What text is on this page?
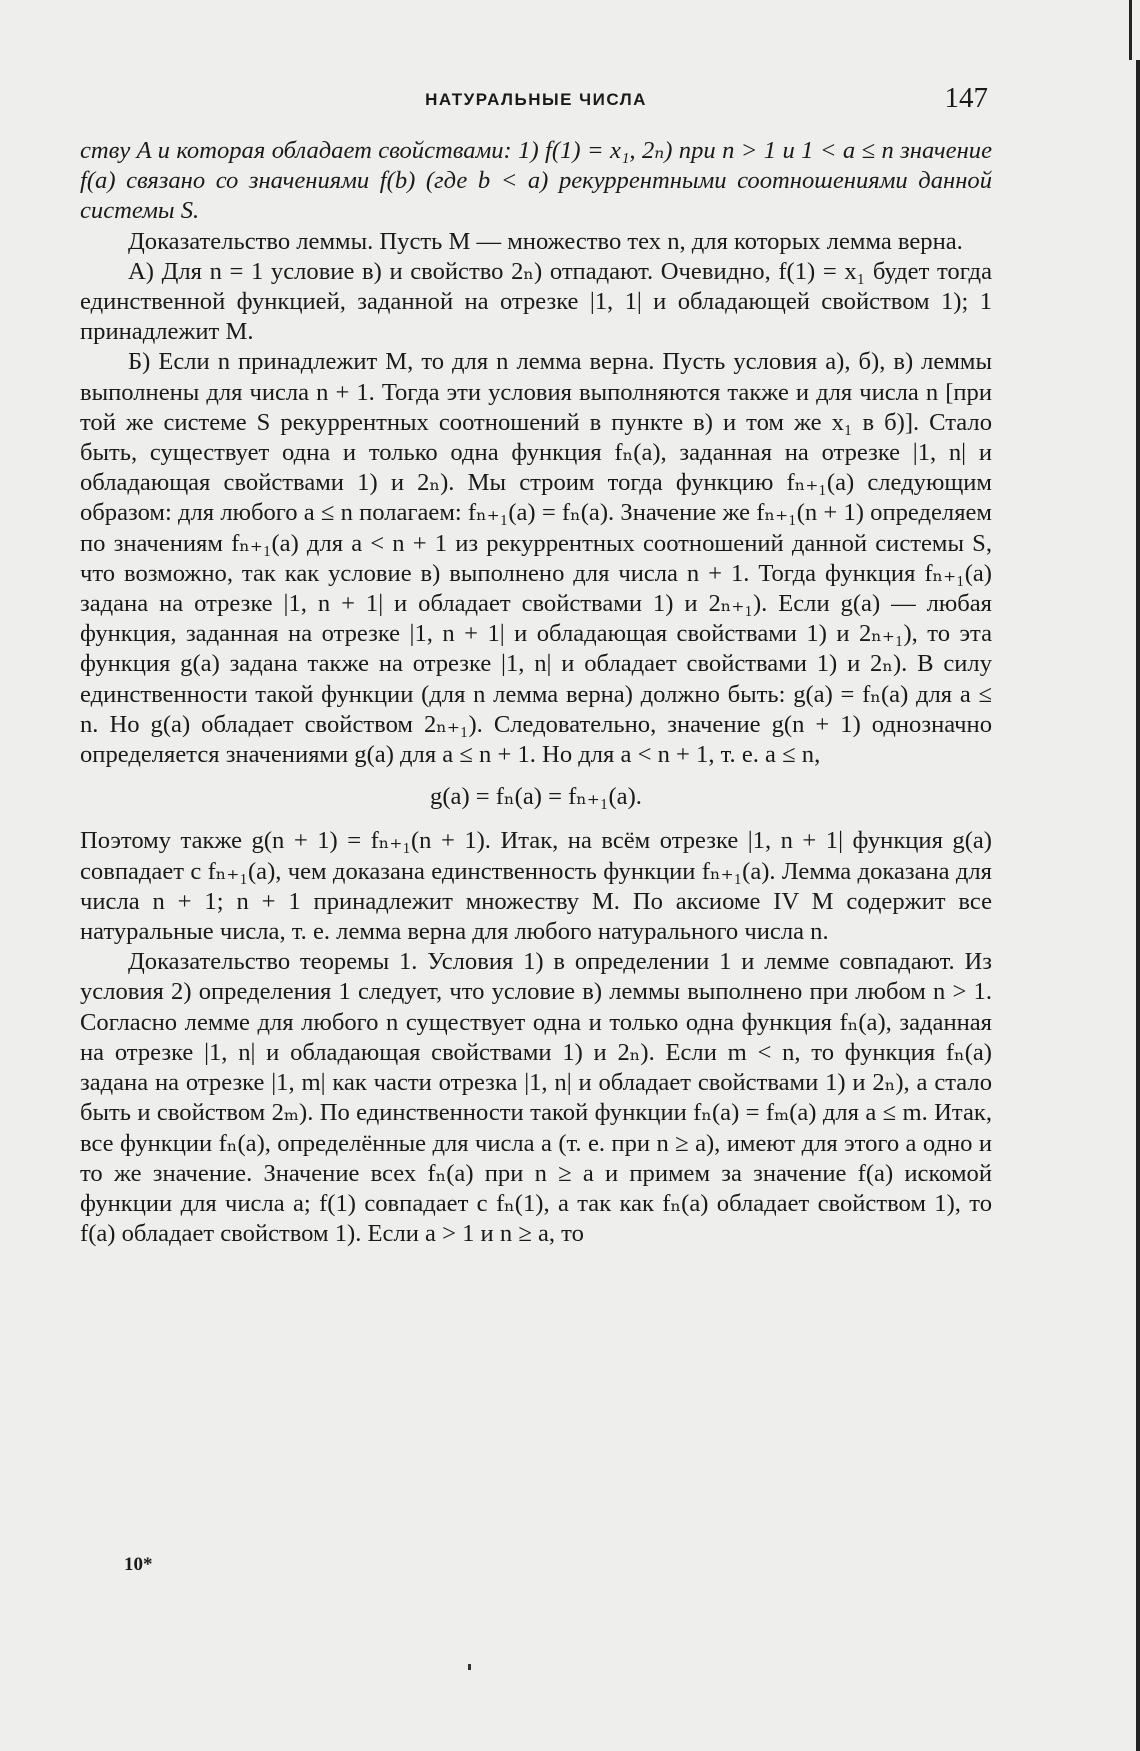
НАТУРАЛЬНЫЕ ЧИСЛА	147

ству A и которая обладает свойствами: 1) f(1) = x₁, 2ₙ) при n > 1 и 1 < a ≤ n значение f(a) связано со значениями f(b) (где b < a) рекуррентными соотношениями данной системы S.

Доказательство леммы. Пусть M — множество тех n, для которых лемма верна.

А) Для n = 1 условие в) и свойство 2ₙ) отпадают. Очевидно, f(1) = x₁ будет тогда единственной функцией, заданной на отрезке |1, 1| и обладающей свойством 1); 1 принадлежит M.

Б) Если n принадлежит M, то для n лемма верна. Пусть условия а), б), в) леммы выполнены для числа n + 1. Тогда эти условия выполняются также и для числа n [при той же системе S рекуррентных соотношений в пункте в) и том же x₁ в б)]. Стало быть, существует одна и только одна функция fₙ(a), заданная на отрезке |1, n| и обладающая свойствами 1) и 2ₙ). Мы строим тогда функцию fₙ₊₁(a) следующим образом: для любого a ≤ n полагаем: fₙ₊₁(a) = fₙ(a). Значение же fₙ₊₁(n + 1) определяем по значениям fₙ₊₁(a) для a < n + 1 из рекуррентных соотношений данной системы S, что возможно, так как условие в) выполнено для числа n + 1. Тогда функция fₙ₊₁(a) задана на отрезке |1, n + 1| и обладает свойствами 1) и 2ₙ₊₁). Если g(a) — любая функция, заданная на отрезке |1, n + 1| и обладающая свойствами 1) и 2ₙ₊₁), то эта функция g(a) задана также на отрезке |1, n| и обладает свойствами 1) и 2ₙ). В силу единственности такой функции (для n лемма верна) должно быть: g(a) = fₙ(a) для a ≤ n. Но g(a) обладает свойством 2ₙ₊₁). Следовательно, значение g(n + 1) однозначно определяется значениями g(a) для a ≤ n + 1. Но для a < n + 1, т. е. a ≤ n,

g(a) = fₙ(a) = fₙ₊₁(a).

Поэтому также g(n + 1) = fₙ₊₁(n + 1). Итак, на всём отрезке |1, n + 1| функция g(a) совпадает с fₙ₊₁(a), чем доказана единственность функции fₙ₊₁(a). Лемма доказана для числа n + 1; n + 1 принадлежит множеству M. По аксиоме IV M содержит все натуральные числа, т. е. лемма верна для любого натурального числа n.

Доказательство теоремы 1. Условия 1) в определении 1 и лемме совпадают. Из условия 2) определения 1 следует, что условие в) леммы выполнено при любом n > 1. Согласно лемме для любого n существует одна и только одна функция fₙ(a), заданная на отрезке |1, n| и обладающая свойствами 1) и 2ₙ). Если m < n, то функция fₙ(a) задана на отрезке |1, m| как части отрезка |1, n| и обладает свойствами 1) и 2ₙ), а стало быть и свойством 2ₘ). По единственности такой функции fₙ(a) = fₘ(a) для a ≤ m. Итак, все функции fₙ(a), определённые для числа a (т. е. при n ≥ a), имеют для этого a одно и то же значение. Значение всех fₙ(a) при n ≥ a и примем за значение f(a) искомой функции для числа a; f(1) совпадает с fₙ(1), а так как fₙ(a) обладает свойством 1), то f(a) обладает свойством 1). Если a > 1 и n ≥ a, то

10*
